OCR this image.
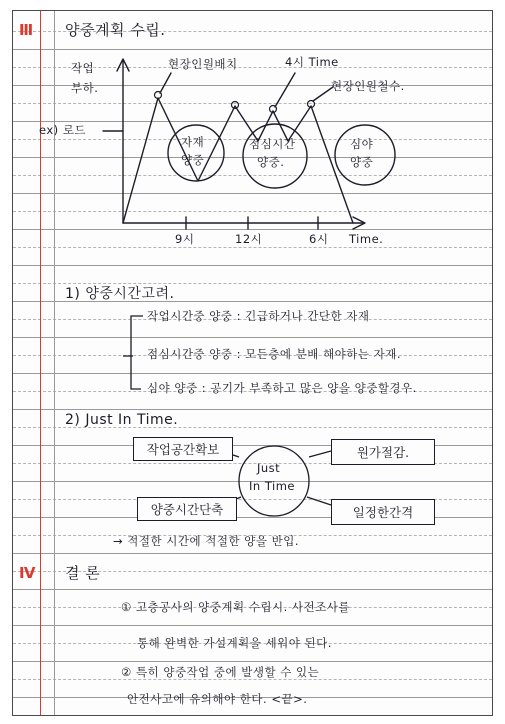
Ⅲ 양중계획 수립.
작업
부하.
ex) 로드
현장인원배치	4시 Time
현장인원철수.
자재
양중
점심시간
양중.
심야
양중
9시	12시	6시 Time.
1) 양중시간고려.
작업시간중 양중 : 긴급하거나 간단한 자재
점심시간중 양중 : 모든층에 분배 해야하는 자재.
심야 양중 : 공기가 부족하고 많은 양을 양중할경우.
2) Just In Time.
작업공간확보	원가절감.
양중시간단축	일정한간격
Just
In Time
→ 적절한 시간에 적절한 양을 반입.
Ⅳ 결 론
① 고층공사의 양중계획 수립시. 사전조사를
통해 완벽한 가설계획을 세워야 된다.
② 특히 양중작업 중에 발생할 수 있는
안전사고에 유의해야 한다. <끝>.
